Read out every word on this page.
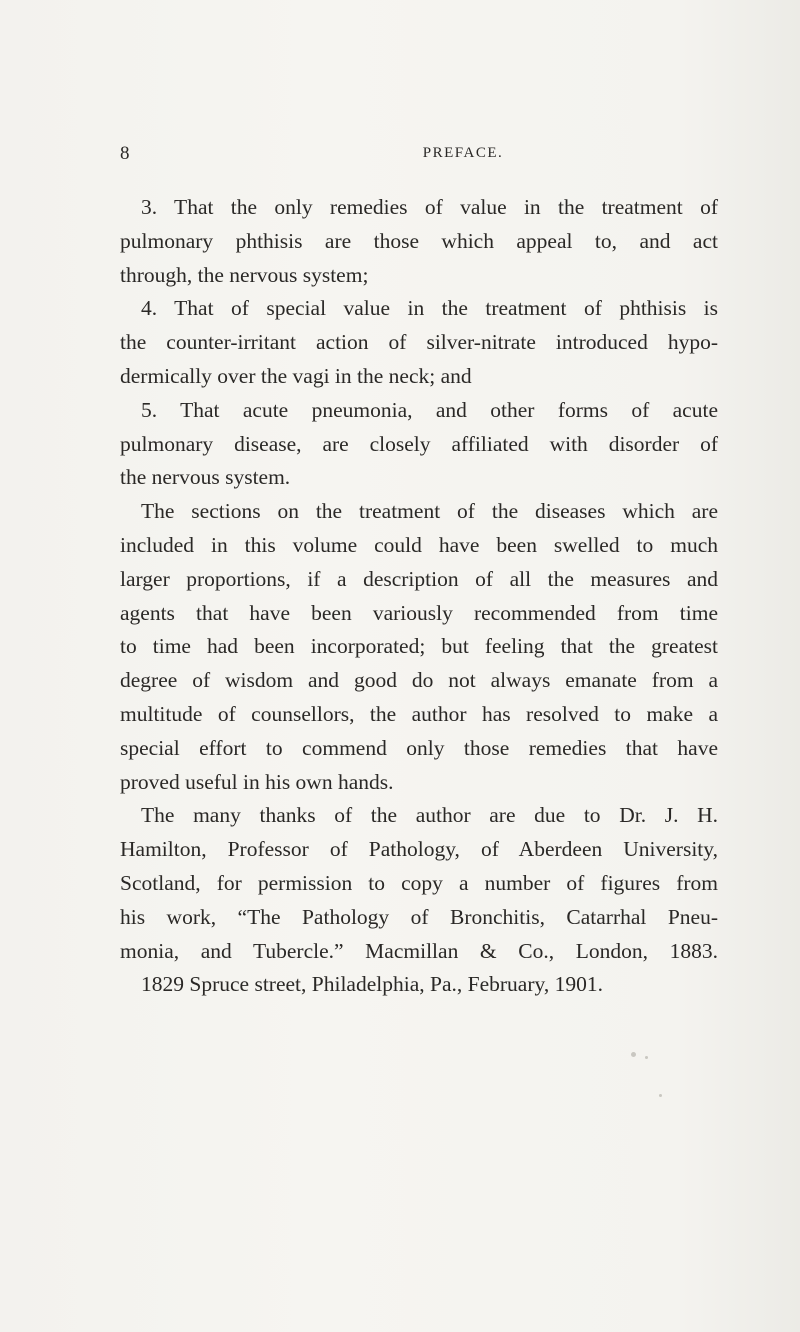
8	PREFACE.
3. That the only remedies of value in the treatment of
pulmonary phthisis are those which appeal to, and act
through, the nervous system;
4. That of special value in the treatment of phthisis is
the counter-irritant action of silver-nitrate introduced hypo-
dermically over the vagi in the neck; and
5. That acute pneumonia, and other forms of acute
pulmonary disease, are closely affiliated with disorder of
the nervous system.
The sections on the treatment of the diseases which are
included in this volume could have been swelled to much
larger proportions, if a description of all the measures and
agents that have been variously recommended from time
to time had been incorporated; but feeling that the greatest
degree of wisdom and good do not always emanate from a
multitude of counsellors, the author has resolved to make a
special effort to commend only those remedies that have
proved useful in his own hands.
The many thanks of the author are due to Dr. J. H.
Hamilton, Professor of Pathology, of Aberdeen University,
Scotland, for permission to copy a number of figures from
his work, “The Pathology of Bronchitis, Catarrhal Pneu-
monia, and Tubercle.” Macmillan & Co., London, 1883.
1829 Spruce street, Philadelphia, Pa., February, 1901.
